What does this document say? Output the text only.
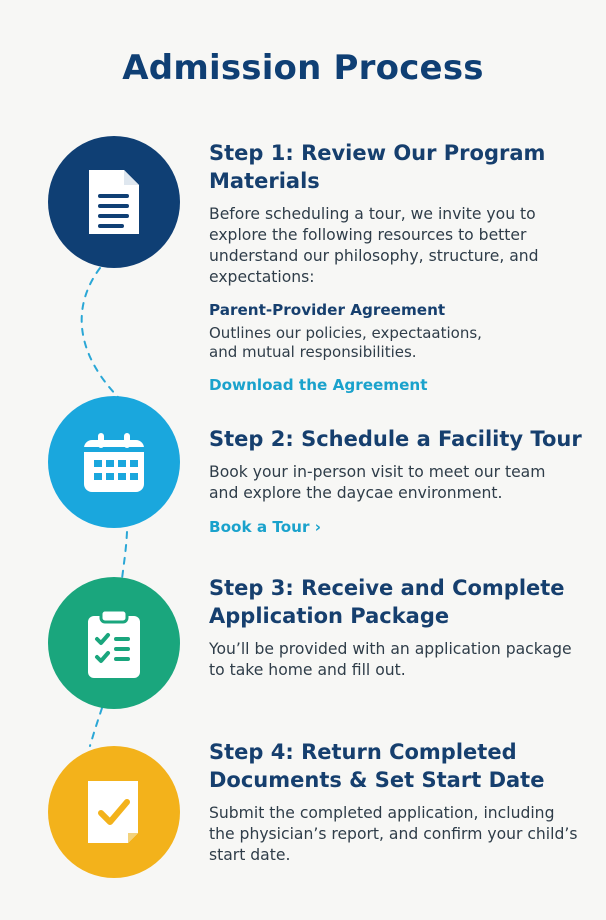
Admission Process
Step 1: Review Our Program Materials

Before scheduling a tour, we invite you to explore the following resources to better understand our philosophy, structure, and expectations:

Parent-Provider Agreement

Outlines our policies, expectaations, and mutual responsibilities.

Download the Agreement
Step 2: Schedule a Facility Tour

Book your in-person visit to meet our team and explore the daycae environment.

Book a Tour ›
Step 3: Receive and Complete Application Package

You’ll be provided with an application package to take home and fill out.

Step 4: Return Completed Documents & Set Start Date

Submit the completed application, including the physician’s report, and confirm your child’s start date.
